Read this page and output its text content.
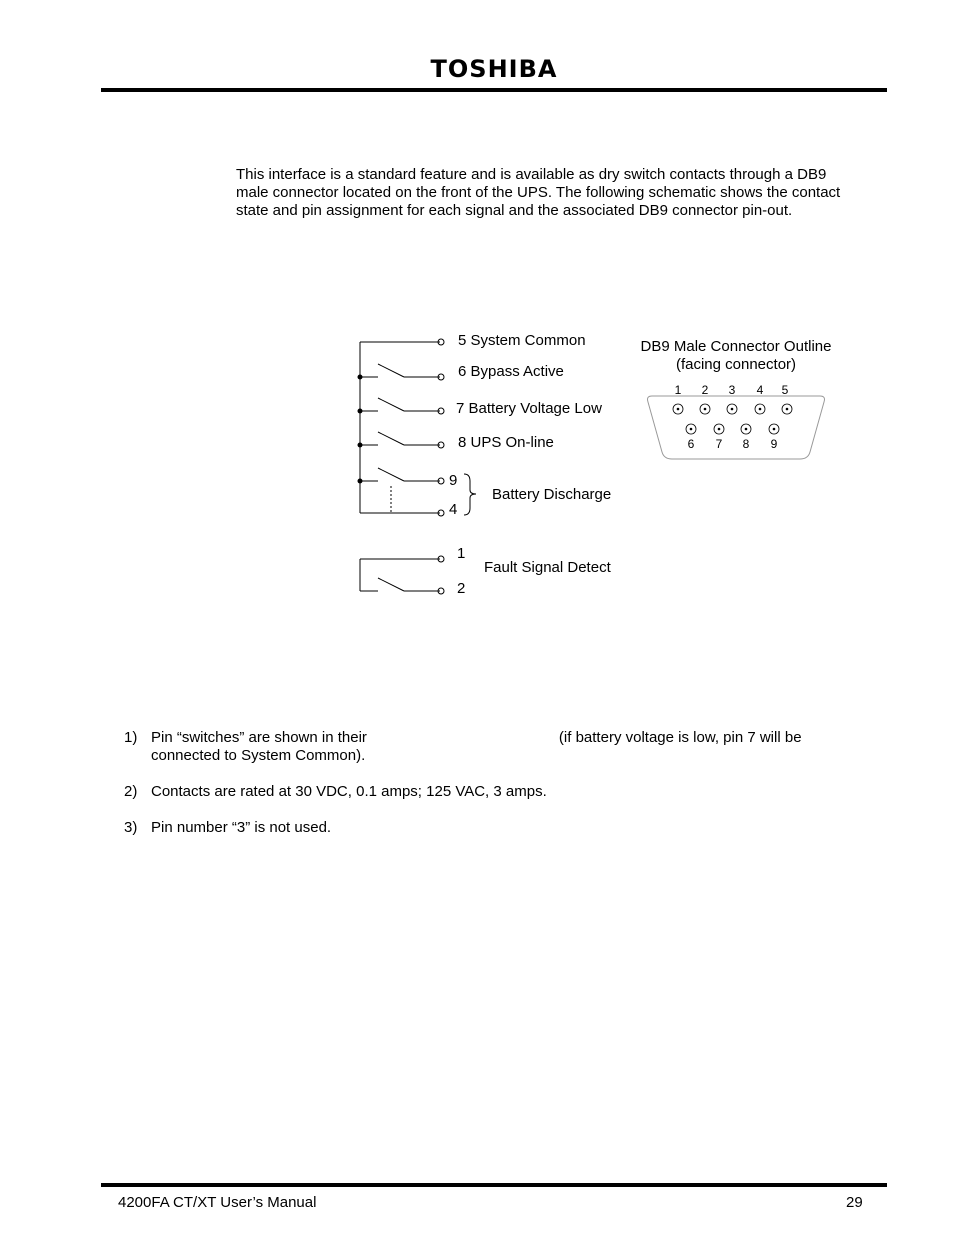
TOSHIBA

This interface is a standard feature and is available as dry switch contacts through a DB9 male connector located on the front of the UPS. The following schematic shows the contact state and pin assignment for each signal and the associated DB9 connector pin-out.

5 System Common
6 Bypass Active
7 Battery Voltage Low
8 UPS On-line
9
4
Battery Discharge
1
Fault Signal Detect
2
DB9 Male Connector Outline
(facing connector)
1 2 3 4 5
6 7 8 9
1) Pin “switches” are shown in their	(if battery voltage is low, pin 7 will be connected to System Common).
2) Contacts are rated at 30 VDC, 0.1 amps; 125 VAC, 3 amps.
3) Pin number “3” is not used.
4200FA CT/XT User’s Manual	29
